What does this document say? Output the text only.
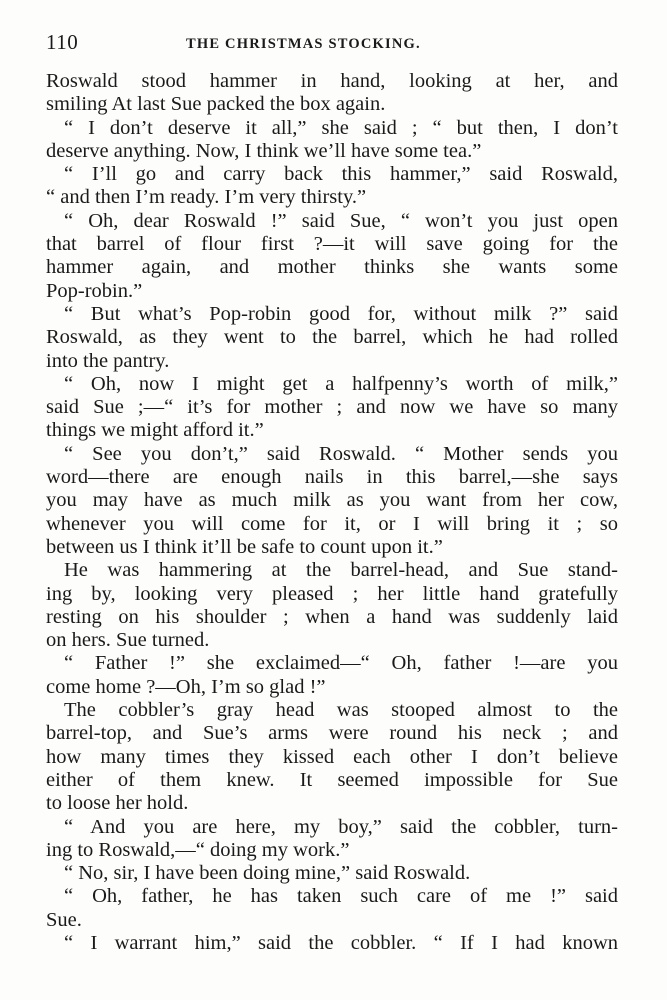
110	THE CHRISTMAS STOCKING.
Roswald stood hammer in hand, looking at her, and
smiling At last Sue packed the box again.
“ I don’t deserve it all,” she said ; “ but then, I don’t
deserve anything. Now, I think we’ll have some tea.”
“ I’ll go and carry back this hammer,” said Roswald,
“ and then I’m ready. I’m very thirsty.”
“ Oh, dear Roswald !” said Sue, “ won’t you just open
that barrel of flour first ?—it will save going for the
hammer again, and mother thinks she wants some
Pop-robin.”
“ But what’s Pop-robin good for, without milk ?” said
Roswald, as they went to the barrel, which he had rolled
into the pantry.
“ Oh, now I might get a halfpenny’s worth of milk,”
said Sue ;—“ it’s for mother ; and now we have so many
things we might afford it.”
“ See you don’t,” said Roswald. “ Mother sends you
word—there are enough nails in this barrel,—she says
you may have as much milk as you want from her cow,
whenever you will come for it, or I will bring it ; so
between us I think it’ll be safe to count upon it.”
He was hammering at the barrel-head, and Sue stand-
ing by, looking very pleased ; her little hand gratefully
resting on his shoulder ; when a hand was suddenly laid
on hers. Sue turned.
“ Father !” she exclaimed—“ Oh, father !—are you
come home ?—Oh, I’m so glad !”
The cobbler’s gray head was stooped almost to the
barrel-top, and Sue’s arms were round his neck ; and
how many times they kissed each other I don’t believe
either of them knew. It seemed impossible for Sue
to loose her hold.
“ And you are here, my boy,” said the cobbler, turn-
ing to Roswald,—“ doing my work.”
“ No, sir, I have been doing mine,” said Roswald.
“ Oh, father, he has taken such care of me !” said
Sue.
“ I warrant him,” said the cobbler. “ If I had known
